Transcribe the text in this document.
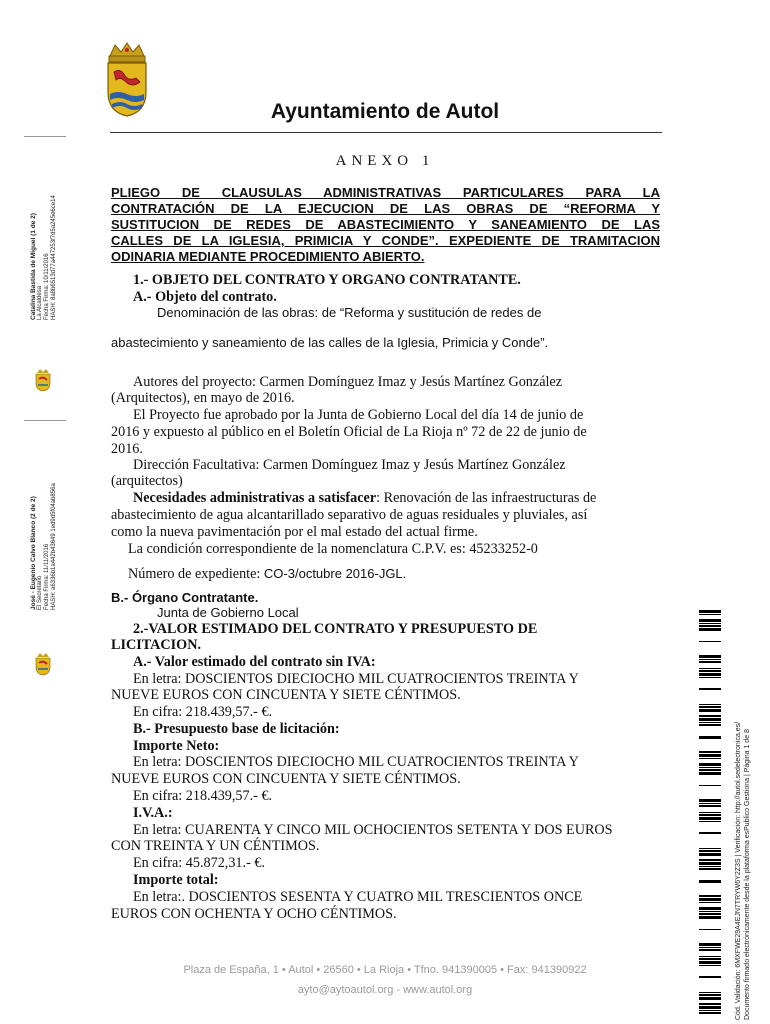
Ayuntamiento de Autol
ANEXO 1
PLIEGO DE CLAUSULAS ADMINISTRATIVAS PARTICULARES PARA LA
CONTRATACIÓN DE LA EJECUCION DE LAS OBRAS DE “REFORMA Y
SUSTITUCION DE REDES DE ABASTECIMIENTO Y SANEAMIENTO DE LAS
CALLES DE LA IGLESIA, PRIMICIA Y CONDE”. EXPEDIENTE DE TRAMITACION
ODINARIA MEDIANTE PROCEDIMIENTO ABIERTO.
1.- OBJETO DEL CONTRATO Y ORGANO CONTRATANTE.
A.- Objeto del contrato.
Denominación de las obras: de “Reforma y sustitución de redes de
abastecimiento y saneamiento de las calles de la Iglesia, Primicia y Conde”.
Autores del proyecto: Carmen Domínguez Imaz y Jesús Martínez González
(Arquitectos), en mayo de 2016.
El Proyecto fue aprobado por la Junta de Gobierno Local del día 14 de junio de
2016 y expuesto al público en el Boletín Oficial de La Rioja nº 72 de 22 de junio de
2016.
Dirección Facultativa: Carmen Domínguez Imaz y Jesús Martínez González
(arquitectos)
Necesidades administrativas a satisfacer: Renovación de las infraestructuras de
abastecimiento de agua alcantarillado separativo de aguas residuales y pluviales, así
como la nueva pavimentación por el mal estado del actual firme.
La condición correspondiente de la nomenclatura C.P.V. es: 45233252-0
Número de expediente: CO-3/octubre 2016-JGL.
B.- Órgano Contratante.
Junta de Gobierno Local
2.-VALOR ESTIMADO DEL CONTRATO Y PRESUPUESTO DE
LICITACION.
A.- Valor estimado del contrato sin IVA:
En letra: DOSCIENTOS DIECIOCHO MIL CUATROCIENTOS TREINTA Y
NUEVE EUROS CON CINCUENTA Y SIETE CÉNTIMOS.
En cifra: 218.439,57.- €.
B.- Presupuesto base de licitación:
Importe Neto:
En letra: DOSCIENTOS DIECIOCHO MIL CUATROCIENTOS TREINTA Y
NUEVE EUROS CON CINCUENTA Y SIETE CÉNTIMOS.
En cifra: 218.439,57.- €.
I.V.A.:
En letra: CUARENTA Y CINCO MIL OCHOCIENTOS SETENTA Y DOS EUROS
CON TREINTA Y UN CÉNTIMOS.
En cifra: 45.872,31.- €.
Importe total:
En letra:. DOSCIENTOS SESENTA Y CUATRO MIL TRESCIENTOS ONCE
EUROS CON OCHENTA Y OCHO CÉNTIMOS.
Catalina Bastida de Miguel (1 de 2) La Alcaldesa Fecha Firma: 10/11/2016 HASH: 8a8b6513d77a447253f7d5a245e6ce14
José - Eugenio Calvo Blanco (2 de 2) El Secretario Fecha Firma: 11/11/2016 HASH: a6336b1a442b43649 1ed9d5f04ab856a
Cód. Validación: 6MXFWE29A4EJN7TRYW6Y2Z3S | Verificación: http://autol.sedelectronica.es/ Documento firmado electrónicamente desde la plataforma esPublico Gestiona | Página 1 de 8
Plaza de España, 1 • Autol • 26560 • La Rioja • Tfno. 941390005 • Fax: 941390922
ayto@aytoautol.org - www.autol.org
